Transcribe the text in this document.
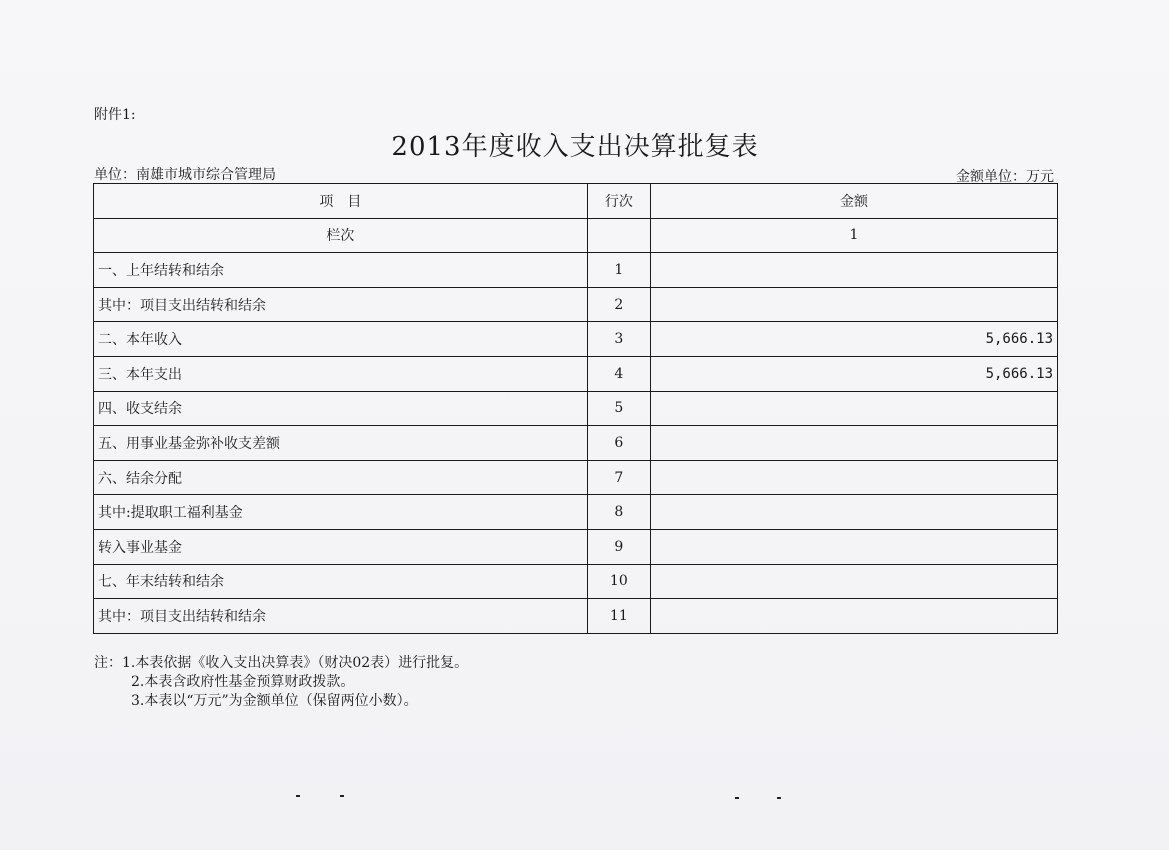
附件1:
2013年度收入支出决算批复表
单位：南雄市城市综合管理局	金额单位：万元
项　目	行次	金额
栏次		1
一、上年结转和结余	1	
其中：项目支出结转和结余	2	
二、本年收入	3	5,666.13
三、本年支出	4	5,666.13
四、收支结余	5	
五、用事业基金弥补收支差额	6	
六、结余分配	7	
其中:提取职工福利基金	8	
转入事业基金	9	
七、年末结转和结余	10	
其中：项目支出结转和结余	11	
注：1.本表依据《收入支出决算表》（财决02表）进行批复。
2.本表含政府性基金预算财政拨款。
3.本表以“万元”为金额单位（保留两位小数）。
